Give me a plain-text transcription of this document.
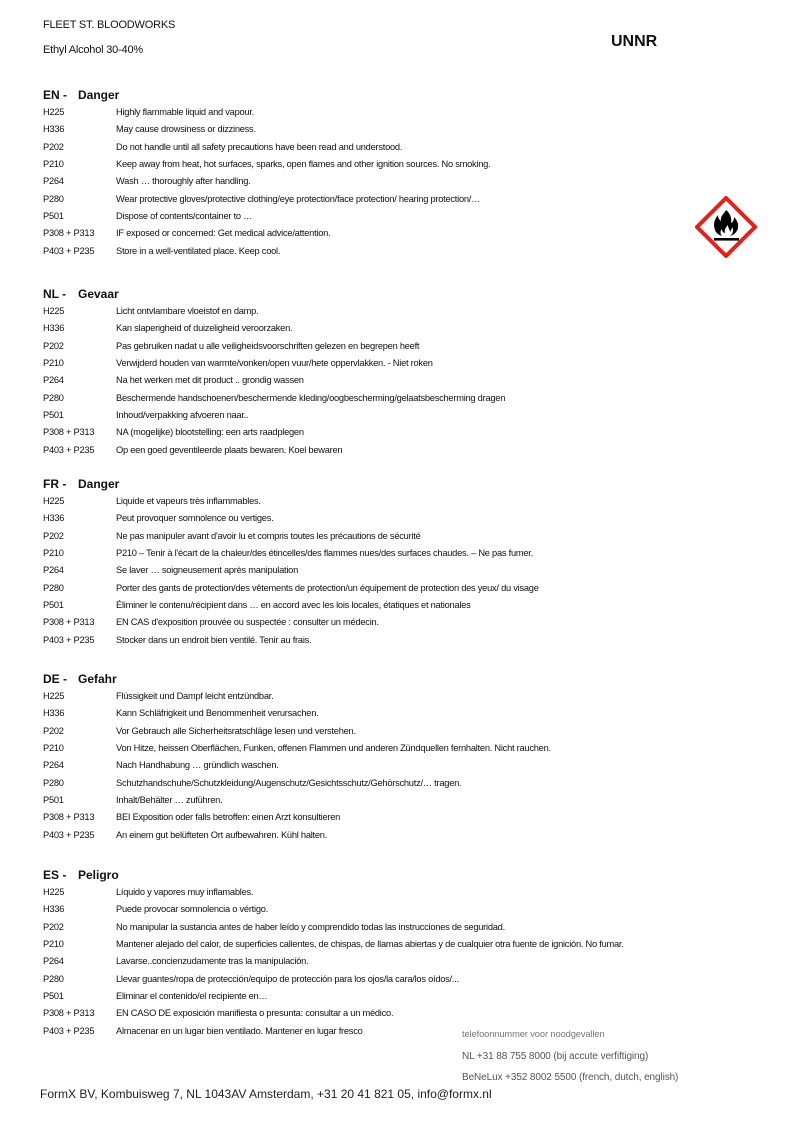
FLEET ST. BLOODWORKS
Ethyl Alcohol 30-40%	UNNR
EN - Danger
H225	Highly flammable liquid and vapour.
H336	May cause drowsiness or dizziness.
P202	Do not handle until all safety precautions have been read and understood.
P210	Keep away from heat, hot surfaces, sparks, open flames and other ignition sources. No smoking.
P264	Wash … thoroughly after handling.
P280	Wear protective gloves/protective clothing/eye protection/face protection/ hearing protection/…
P501	Dispose of contents/container to …
P308 + P313 IF exposed or concerned: Get medical advice/attention.
P403 + P235 Store in a well-ventilated place. Keep cool.
NL - Gevaar
H225	Licht ontvlambare vloeistof en damp.
H336	Kan slaperigheid of duizeligheid veroorzaken.
P202	Pas gebruiken nadat u alle veiligheidsvoorschriften gelezen en begrepen heeft
P210	Verwijderd houden van warmte/vonken/open vuur/hete oppervlakken. - Niet roken
P264	Na het werken met dit product .. grondig wassen
P280	Beschermende handschoenen/beschermende kleding/oogbescherming/gelaatsbescherming dragen
P501	Inhoud/verpakking afvoeren naar..
P308 + P313 NA (mogelijke) blootstelling: een arts raadplegen
P403 + P235 Op een goed geventileerde plaats bewaren. Koel bewaren
FR - Danger
H225	Liquide et vapeurs très inflammables.
H336	Peut provoquer somnolence ou vertiges.
P202	Ne pas manipuler avant d'avoir lu et compris toutes les précautions de sécurité
P210	P210 – Tenir à l'écart de la chaleur/des étincelles/des flammes nues/des surfaces chaudes. – Ne pas fumer.
P264	Se laver … soigneusement après manipulation
P280	Porter des gants de protection/des vêtements de protection/un équipement de protection des yeux/ du visage
P501	Éliminer le contenu/récipient dans … en accord avec les lois locales, étatiques et nationales
P308 + P313 EN CAS d'exposition prouvée ou suspectée : consulter un médecin.
P403 + P235 Stocker dans un endroit bien ventilé. Tenir au frais.
DE - Gefahr
H225	Flüssigkeit und Dampf leicht entzündbar.
H336	Kann Schläfrigkeit und Benommenheit verursachen.
P202	Vor Gebrauch alle Sicherheitsratschläge lesen und verstehen.
P210	Von Hitze, heissen Oberflächen, Funken, offenen Flammen und anderen Zündquellen fernhalten. Nicht rauchen.
P264	Nach Handhabung … gründlich waschen.
P280	Schutzhandschuhe/Schutzkleidung/Augenschutz/Gesichtsschutz/Gehörschutz/… tragen.
P501	Inhalt/Behälter … zuführen.
P308 + P313 BEI Exposition oder falls betroffen: einen Arzt konsultieren
P403 + P235 An einem gut belüfteten Ort aufbewahren. Kühl halten.
ES - Peligro
H225	Líquido y vapores muy inflamables.
H336	Puede provocar somnolencia o vértigo.
P202	No manipular la sustancia antes de haber leído y comprendido todas las instrucciones de seguridad.
P210	Mantener alejado del calor, de superficies calientes, de chispas, de llamas abiertas y de cualquier otra fuente de ignición. No fumar.
P264	Lavarse..concienzudamente tras la manipulación.
P280	Llevar guantes/ropa de protección/equipo de protección para los ojos/la cara/los oídos/...
P501	Eliminar el contenido/el recipiente en…
P308 + P313 EN CASO DE exposición manifiesta o presunta: consultar a un médico.
P403 + P235 Almacenar en un lugar bien ventilado. Mantener en lugar fresco	telefoonnummer voor noodgevallen
NL +31 88 755 8000 (bij accute verfiftiging)
BeNeLux +352 8002 5500 (french, dutch, english)
FormX BV, Kombuisweg 7, NL 1043AV Amsterdam, +31 20 41 821 05, info@formx.nl
